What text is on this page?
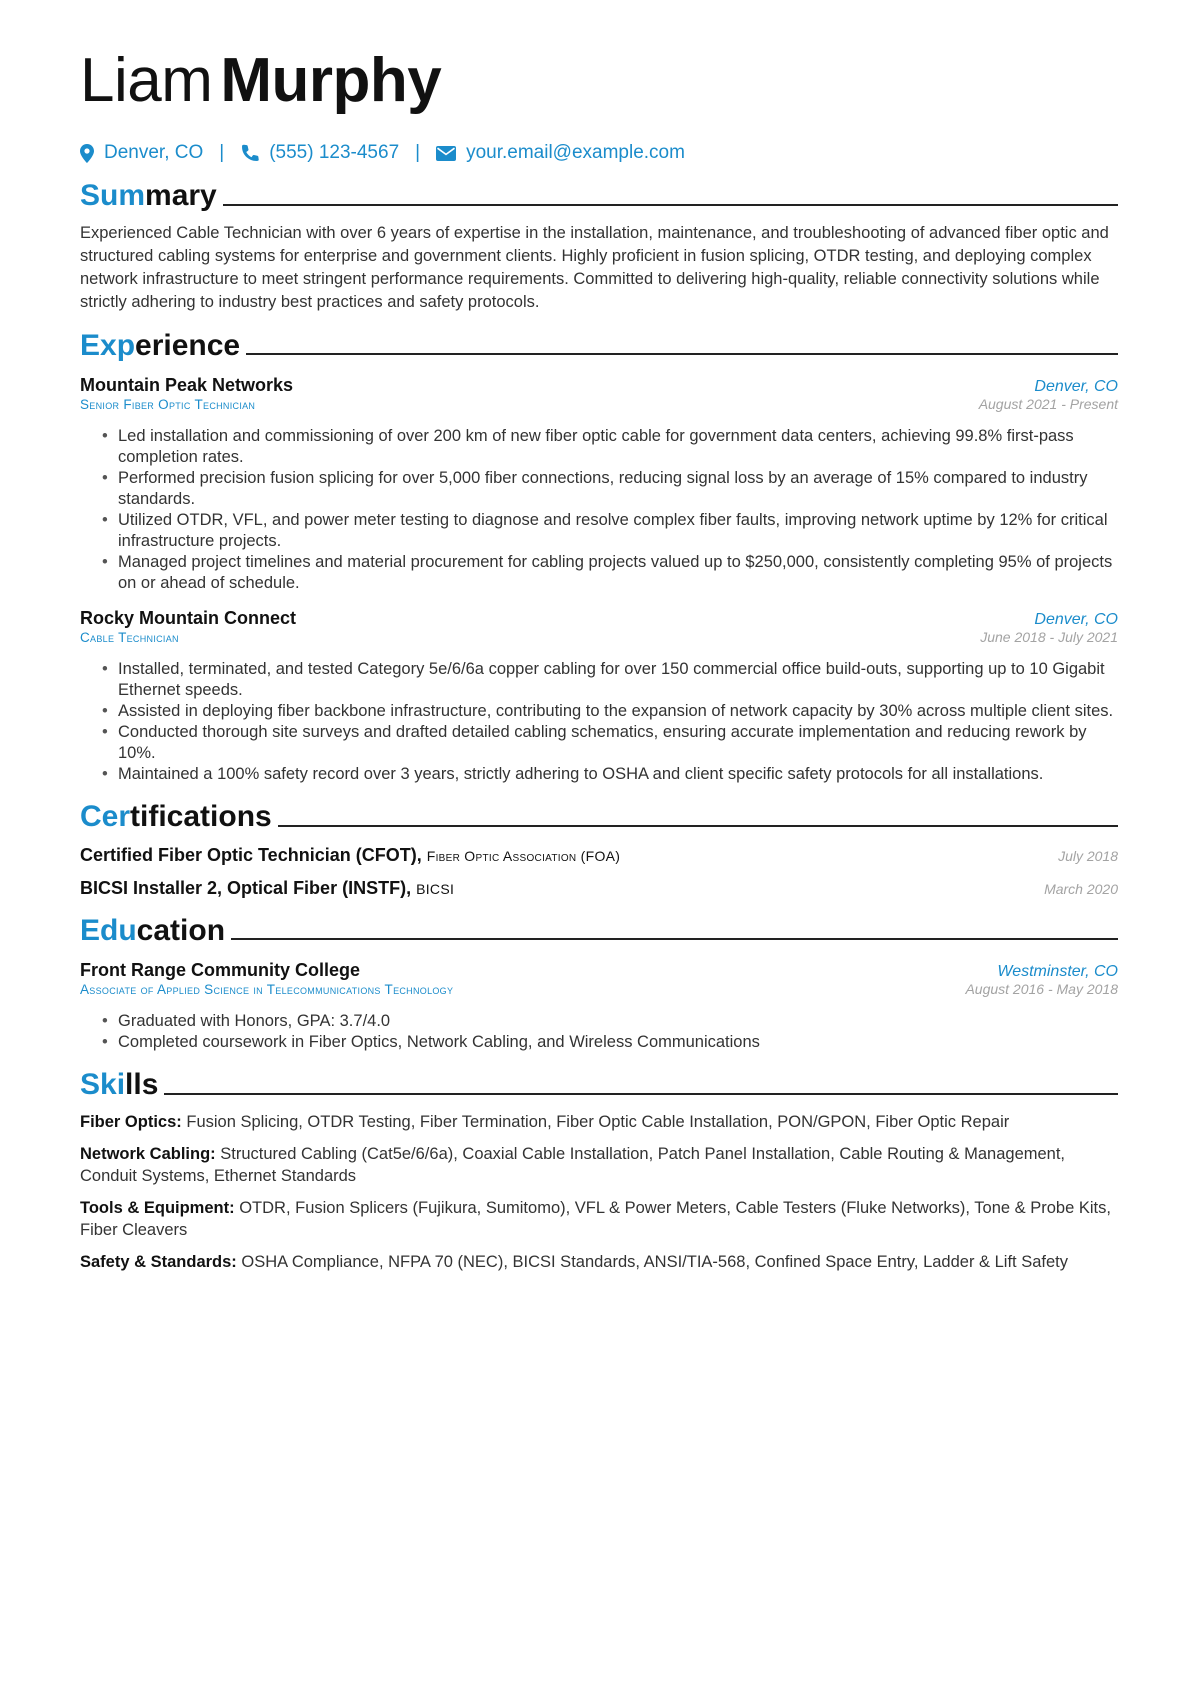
Liam Murphy
Denver, CO | (555) 123-4567 | your.email@example.com
Summary
Experienced Cable Technician with over 6 years of expertise in the installation, maintenance, and troubleshooting of advanced fiber optic and structured cabling systems for enterprise and government clients. Highly proficient in fusion splicing, OTDR testing, and deploying complex network infrastructure to meet stringent performance requirements. Committed to delivering high-quality, reliable connectivity solutions while strictly adhering to industry best practices and safety protocols.
Experience
Mountain Peak Networks	Denver, CO
Senior Fiber Optic Technician	August 2021 - Present
• Led installation and commissioning of over 200 km of new fiber optic cable for government data centers, achieving 99.8% first-pass completion rates.
• Performed precision fusion splicing for over 5,000 fiber connections, reducing signal loss by an average of 15% compared to industry standards.
• Utilized OTDR, VFL, and power meter testing to diagnose and resolve complex fiber faults, improving network uptime by 12% for critical infrastructure projects.
• Managed project timelines and material procurement for cabling projects valued up to $250,000, consistently completing 95% of projects on or ahead of schedule.
Rocky Mountain Connect	Denver, CO
Cable Technician	June 2018 - July 2021
• Installed, terminated, and tested Category 5e/6/6a copper cabling for over 150 commercial office build-outs, supporting up to 10 Gigabit Ethernet speeds.
• Assisted in deploying fiber backbone infrastructure, contributing to the expansion of network capacity by 30% across multiple client sites.
• Conducted thorough site surveys and drafted detailed cabling schematics, ensuring accurate implementation and reducing rework by 10%.
• Maintained a 100% safety record over 3 years, strictly adhering to OSHA and client specific safety protocols for all installations.
Certifications
Certified Fiber Optic Technician (CFOT), Fiber Optic Association (FOA)	July 2018
BICSI Installer 2, Optical Fiber (INSTF), BICSI	March 2020
Education
Front Range Community College	Westminster, CO
Associate of Applied Science in Telecommunications Technology	August 2016 - May 2018
• Graduated with Honors, GPA: 3.7/4.0
• Completed coursework in Fiber Optics, Network Cabling, and Wireless Communications
Skills
Fiber Optics: Fusion Splicing, OTDR Testing, Fiber Termination, Fiber Optic Cable Installation, PON/GPON, Fiber Optic Repair
Network Cabling: Structured Cabling (Cat5e/6/6a), Coaxial Cable Installation, Patch Panel Installation, Cable Routing & Management, Conduit Systems, Ethernet Standards
Tools & Equipment: OTDR, Fusion Splicers (Fujikura, Sumitomo), VFL & Power Meters, Cable Testers (Fluke Networks), Tone & Probe Kits, Fiber Cleavers
Safety & Standards: OSHA Compliance, NFPA 70 (NEC), BICSI Standards, ANSI/TIA-568, Confined Space Entry, Ladder & Lift Safety
